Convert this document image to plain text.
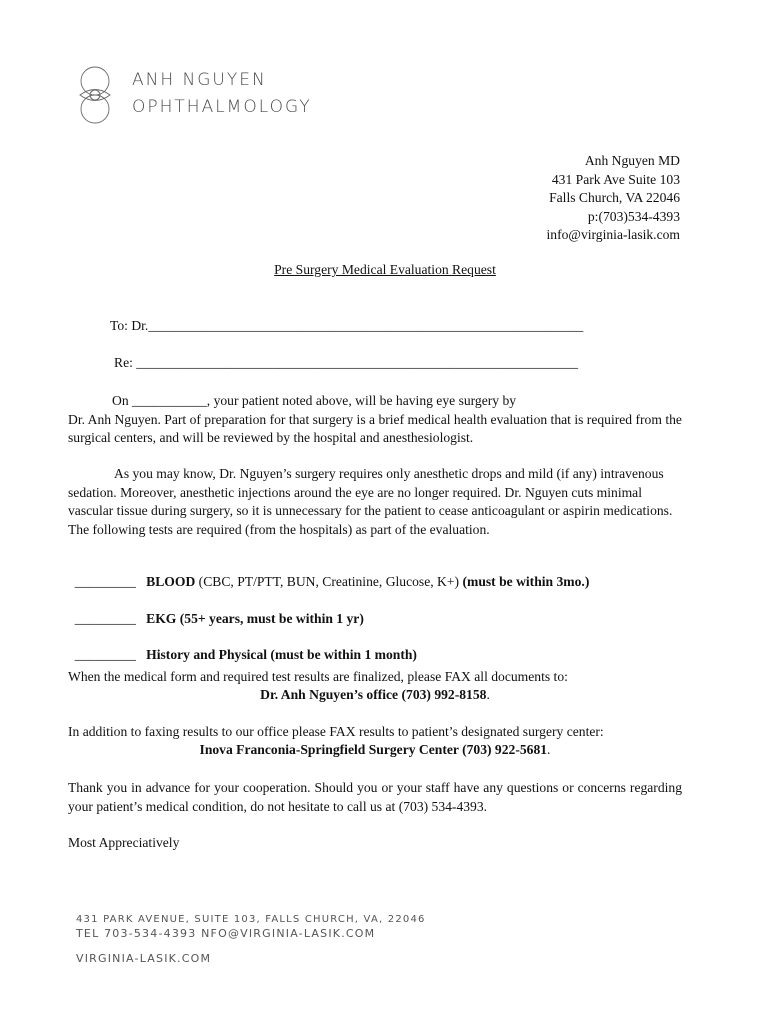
ANH NGUYEN
OPHTHALMOLOGY
Anh Nguyen MD
431 Park Ave Suite 103
Falls Church, VA 22046
p:(703)534-4393
info@virginia-lasik.com
Pre Surgery Medical Evaluation Request
To: Dr.________________________________________________________________
Re: _________________________________________________________________
On ___________, your patient noted above, will be having eye surgery by
Dr. Anh Nguyen. Part of preparation for that surgery is a brief medical health evaluation that is required from the surgical centers, and will be reviewed by the hospital and anesthesiologist.

As you may know, Dr. Nguyen’s surgery requires only anesthetic drops and mild (if any) intravenous sedation. Moreover, anesthetic injections around the eye are no longer required. Dr. Nguyen cuts minimal vascular tissue during surgery, so it is unnecessary for the patient to cease anticoagulant or aspirin medications. The following tests are required (from the hospitals) as part of the evaluation.

_________ BLOOD (CBC, PT/PTT, BUN, Creatinine, Glucose, K+) (must be within 3mo.)

_________ EKG (55+ years, must be within 1 yr)

_________ History and Physical (must be within 1 month)

When the medical form and required test results are finalized, please FAX all documents to:
Dr. Anh Nguyen’s office (703) 992-8158.
In addition to faxing results to our office please FAX results to patient’s designated surgery center:
Inova Franconia-Springfield Surgery Center (703) 922-5681.
Thank you in advance for your cooperation. Should you or your staff have any questions or concerns regarding your patient’s medical condition, do not hesitate to call us at (703) 534-4393.
Most Appreciatively
431 PARK AVENUE, SUITE 103, FALLS CHURCH, VA, 22046
TEL 703-534-4393 NFO@VIRGINIA-LASIK.COM
VIRGINIA-LASIK.COM
